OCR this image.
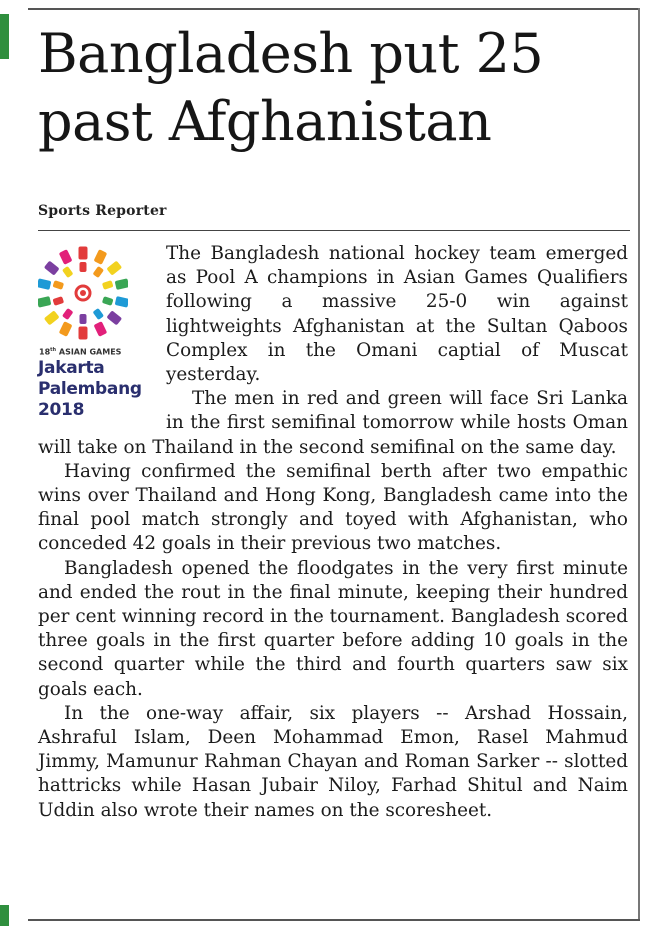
Bangladesh put 25 past Afghanistan
Sports Reporter
18th ASIAN GAMES
Jakarta
Palembang
2018

The Bangladesh national hockey team emerged as Pool A champions in Asian Games Qualifiers following a massive 25-0 win against lightweights Afghanistan at the Sultan Qaboos Complex in the Omani captial of Muscat yesterday.

The men in red and green will face Sri Lanka in the first semifinal tomorrow while hosts Oman will take on Thailand in the second semifinal on the same day.

Having confirmed the semifinal berth after two empathic wins over Thailand and Hong Kong, Bangladesh came into the final pool match strongly and toyed with Afghanistan, who conceded 42 goals in their previous two matches.

Bangladesh opened the floodgates in the very first minute and ended the rout in the final minute, keeping their hundred per cent winning record in the tournament. Bangladesh scored three goals in the first quarter before adding 10 goals in the second quarter while the third and fourth quarters saw six goals each.

In the one-way affair, six players -- Arshad Hossain, Ashraful Islam, Deen Mohammad Emon, Rasel Mahmud Jimmy, Mamunur Rahman Chayan and Roman Sarker -- slotted hattricks while Hasan Jubair Niloy, Farhad Shitul and Naim Uddin also wrote their names on the scoresheet.
